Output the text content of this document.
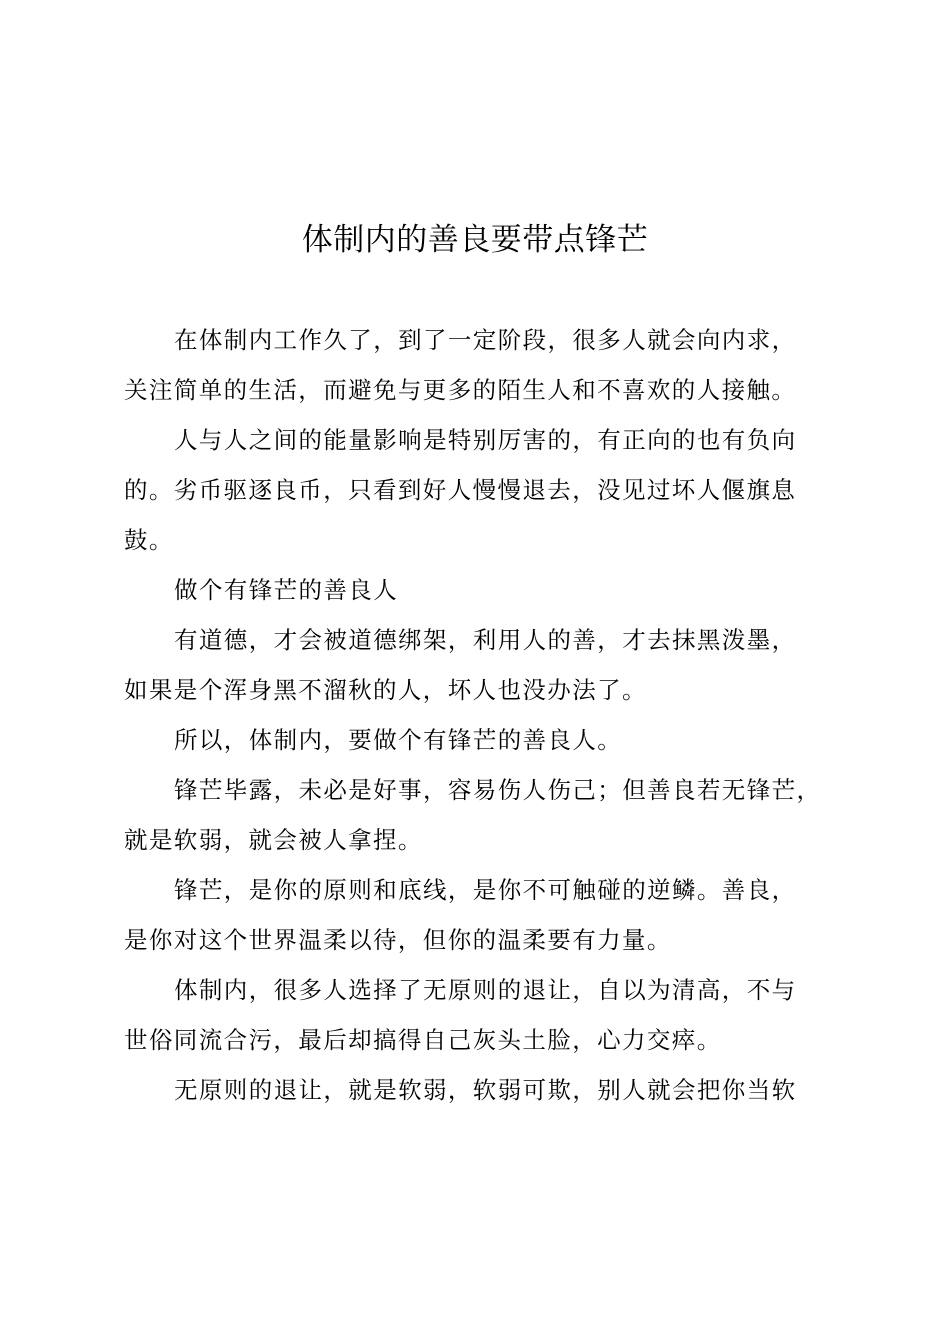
体制内的善良要带点锋芒
在体制内工作久了，到了一定阶段，很多人就会向内求，
关注简单的生活，而避免与更多的陌生人和不喜欢的人接触。
人与人之间的能量影响是特别厉害的，有正向的也有负向
的。劣币驱逐良币，只看到好人慢慢退去，没见过坏人偃旗息
鼓。
做个有锋芒的善良人
有道德，才会被道德绑架，利用人的善，才去抹黑泼墨，
如果是个浑身黑不溜秋的人，坏人也没办法了。
所以，体制内，要做个有锋芒的善良人。
锋芒毕露，未必是好事，容易伤人伤己；但善良若无锋芒，
就是软弱，就会被人拿捏。
锋芒，是你的原则和底线，是你不可触碰的逆鳞。善良，
是你对这个世界温柔以待，但你的温柔要有力量。
体制内，很多人选择了无原则的退让，自以为清高，不与
世俗同流合污，最后却搞得自己灰头土脸，心力交瘁。
无原则的退让，就是软弱，软弱可欺，别人就会把你当软
